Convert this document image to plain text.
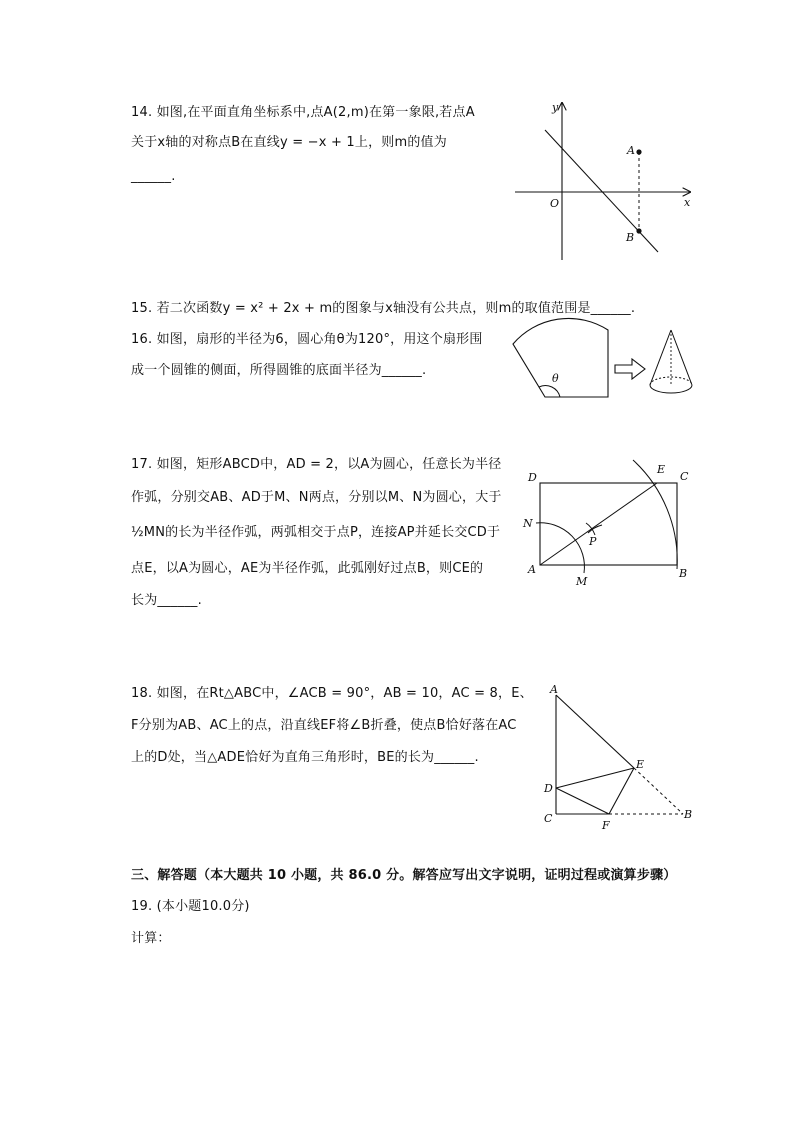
14. 如图,在平面直角坐标系中,点A(2,m)在第一象限,若点A
关于x轴的对称点B在直线y = −x + 1上，则m的值为
______.
y
x
O
A
B
15. 若二次函数y = x² + 2x + m的图象与x轴没有公共点，则m的取值范围是______.
16. 如图，扇形的半径为6，圆心角θ为120°，用这个扇形围
成一个圆锥的侧面，所得圆锥的底面半径为______.
θ
17. 如图，矩形ABCD中，AD = 2，以A为圆心，任意长为半径
作弧，分别交AB、AD于M、N两点，分别以M、N为圆心，大于
½MN的长为半径作弧，两弧相交于点P，连接AP并延长交CD于
点E，以A为圆心，AE为半径作弧，此弧刚好过点B，则CE的
长为______.
A	B
C
D
E
M
N
P
18. 如图，在Rt△ABC中，∠ACB = 90°，AB = 10，AC = 8，E、
F分别为AB、AC上的点，沿直线EF将∠B折叠，使点B恰好落在AC
上的D处，当△ADE恰好为直角三角形时，BE的长为______.
A
B
C
D
E
F
三、解答题（本大题共 10 小题，共 86.0 分。解答应写出文字说明，证明过程或演算步骤）
19. (本小题10.0分)
计算：
